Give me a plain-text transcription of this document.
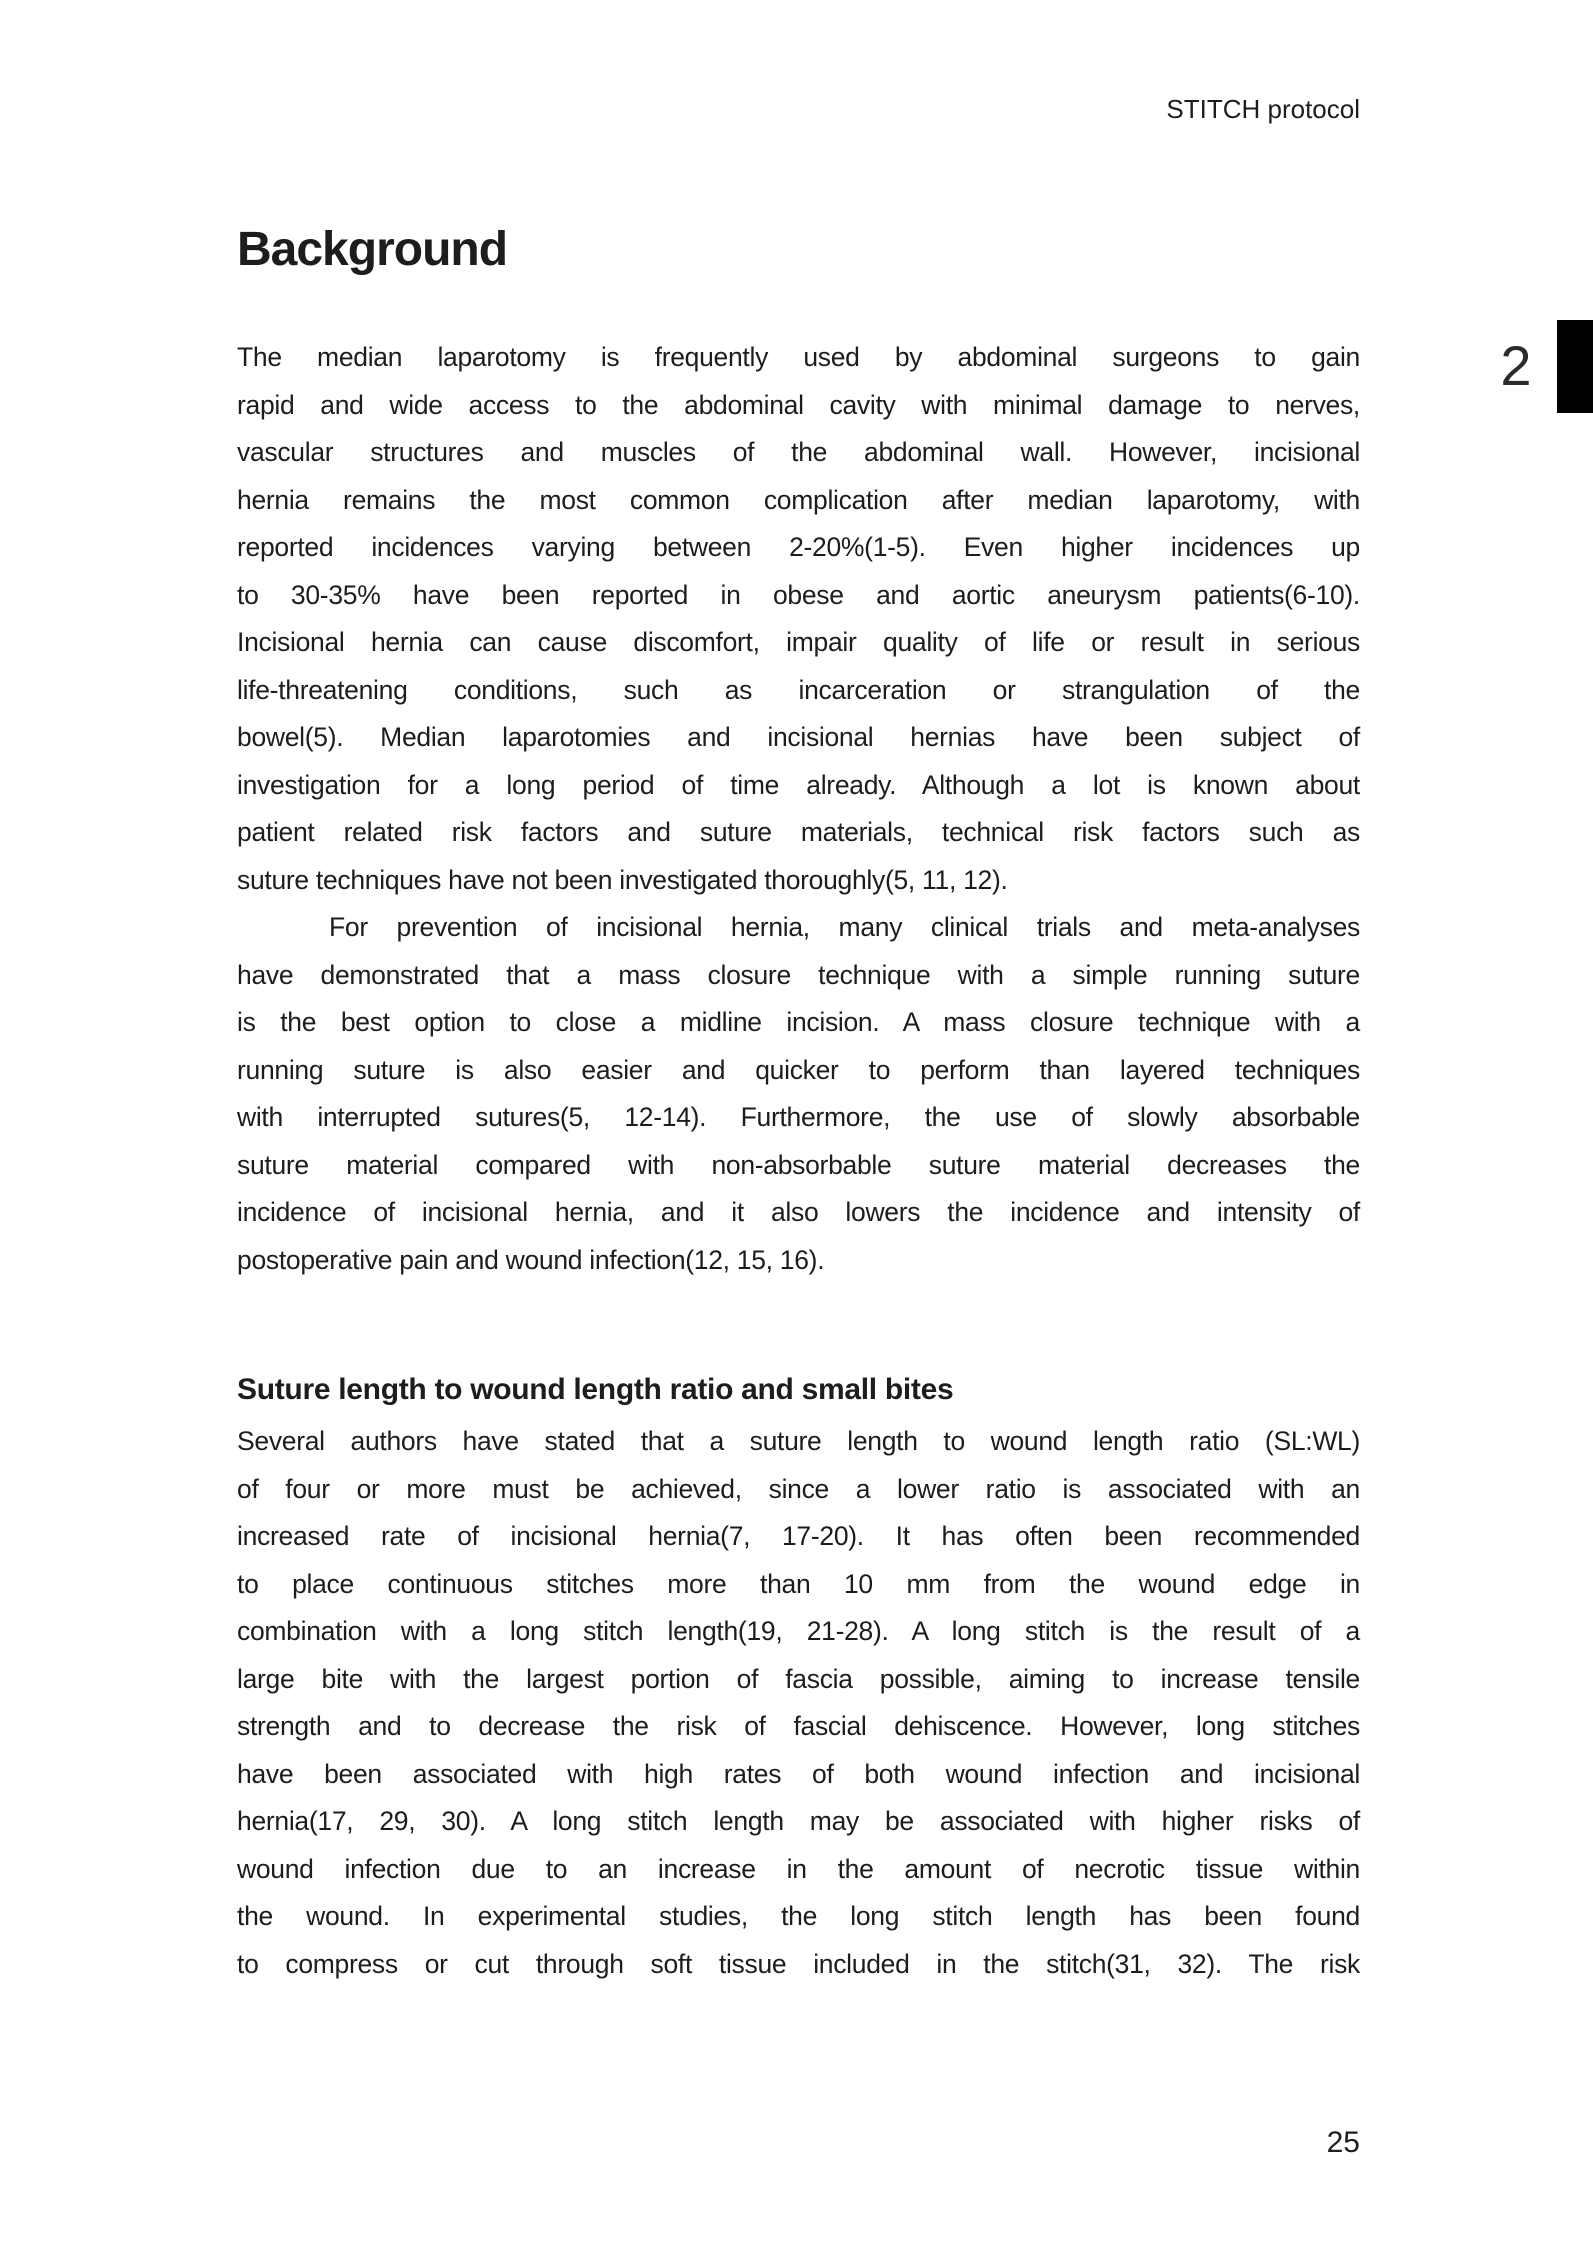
STITCH protocol
2
Background
The median laparotomy is frequently used by abdominal surgeons to gain
rapid and wide access to the abdominal cavity with minimal damage to nerves,
vascular structures and muscles of the abdominal wall. However, incisional
hernia remains the most common complication after median laparotomy, with
reported incidences varying between 2-20%(1-5). Even higher incidences up
to 30-35% have been reported in obese and aortic aneurysm patients(6-10).
Incisional hernia can cause discomfort, impair quality of life or result in serious
life-threatening conditions, such as incarceration or strangulation of the
bowel(5). Median laparotomies and incisional hernias have been subject of
investigation for a long period of time already. Although a lot is known about
patient related risk factors and suture materials, technical risk factors such as
suture techniques have not been investigated thoroughly(5, 11, 12).
For prevention of incisional hernia, many clinical trials and meta-analyses
have demonstrated that a mass closure technique with a simple running suture
is the best option to close a midline incision. A mass closure technique with a
running suture is also easier and quicker to perform than layered techniques
with interrupted sutures(5, 12-14). Furthermore, the use of slowly absorbable
suture material compared with non-absorbable suture material decreases the
incidence of incisional hernia, and it also lowers the incidence and intensity of
postoperative pain and wound infection(12, 15, 16).
Suture length to wound length ratio and small bites
Several authors have stated that a suture length to wound length ratio (SL:WL)
of four or more must be achieved, since a lower ratio is associated with an
increased rate of incisional hernia(7, 17-20). It has often been recommended
to place continuous stitches more than 10 mm from the wound edge in
combination with a long stitch length(19, 21-28). A long stitch is the result of a
large bite with the largest portion of fascia possible, aiming to increase tensile
strength and to decrease the risk of fascial dehiscence. However, long stitches
have been associated with high rates of both wound infection and incisional
hernia(17, 29, 30). A long stitch length may be associated with higher risks of
wound infection due to an increase in the amount of necrotic tissue within
the wound. In experimental studies, the long stitch length has been found
to compress or cut through soft tissue included in the stitch(31, 32). The risk
25
